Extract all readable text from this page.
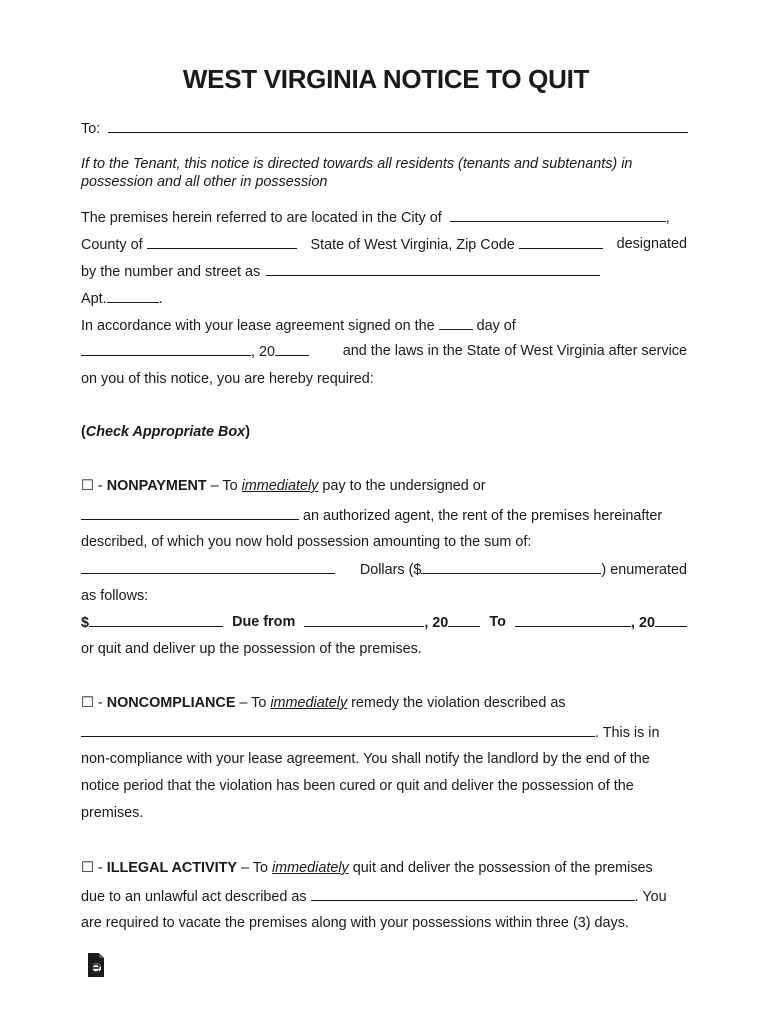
WEST VIRGINIA NOTICE TO QUIT
To:
If to the Tenant, this notice is directed towards all residents (tenants and subtenants) in
possession and all other in possession
The premises herein referred to are located in the City of	,
County of	State of West Virginia, Zip Code	designated
by the number and street as
Apt.	.
In accordance with your lease agreement signed on the	day of
, 20	and the laws in the State of West Virginia after service
on you of this notice, you are hereby required:
(Check Appropriate Box)
☐ - NONPAYMENT – To immediately pay to the undersigned or
an authorized agent, the rent of the premises hereinafter
described, of which you now hold possession amounting to the sum of:
Dollars ($	) enumerated
as follows:
$	Due from	, 20	To	, 20
or quit and deliver up the possession of the premises.
☐ - NONCOMPLIANCE – To immediately remedy the violation described as
. This is in
non-compliance with your lease agreement. You shall notify the landlord by the end of the
notice period that the violation has been cured or quit and deliver the possession of the
premises.
☐ - ILLEGAL ACTIVITY – To immediately quit and deliver the possession of the premises
due to an unlawful act described as	. You
are required to vacate the premises along with your possessions within three (3) days.
